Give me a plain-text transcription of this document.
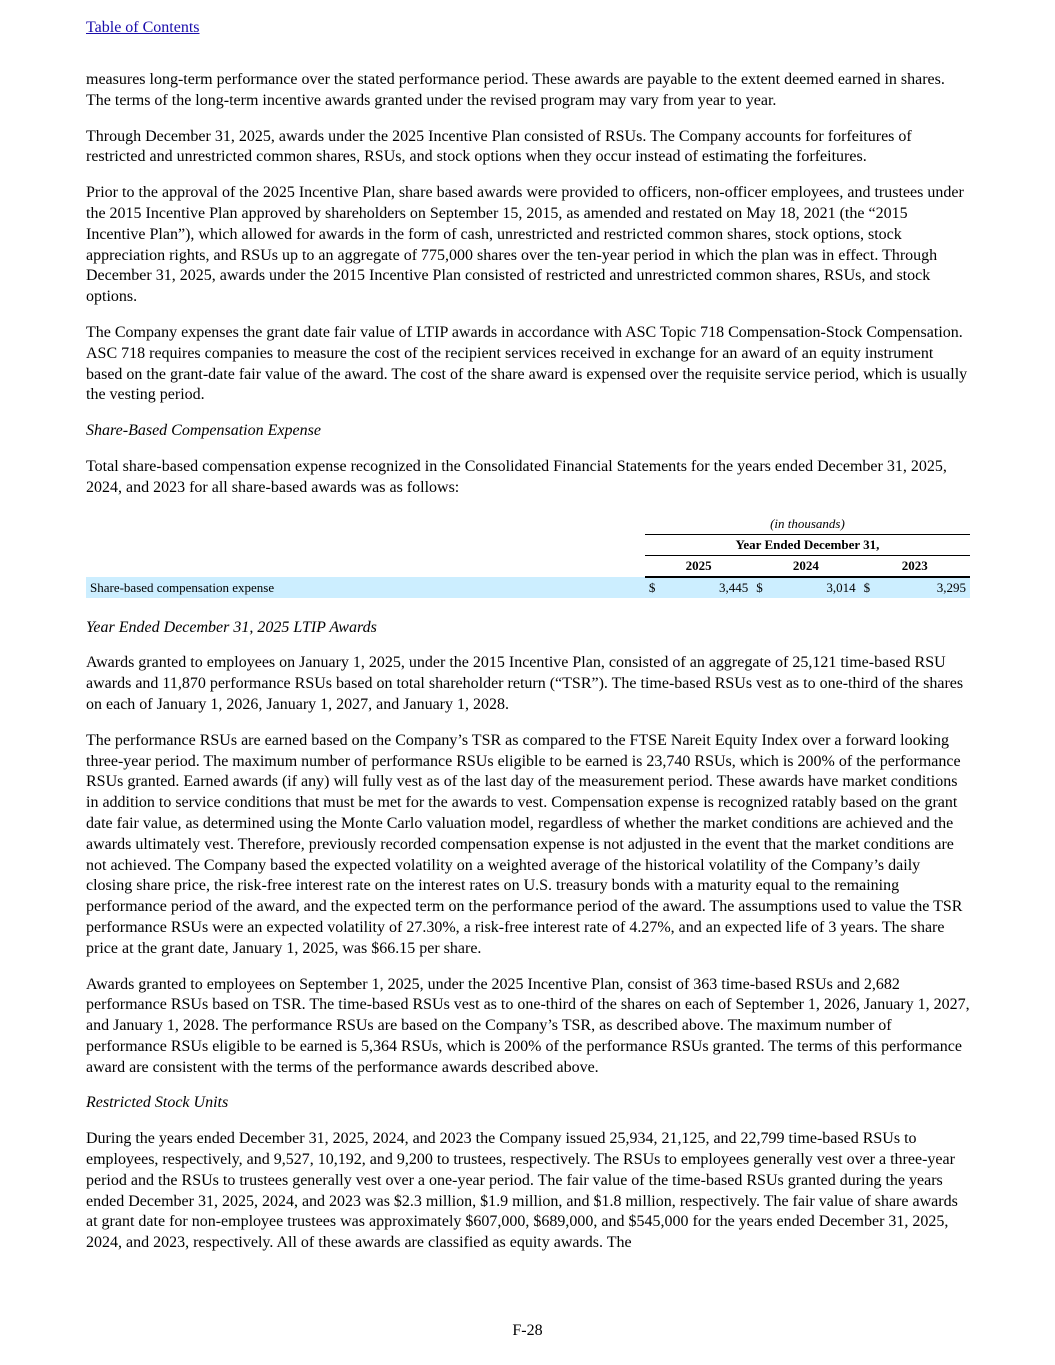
Table of Contents

measures long-term performance over the stated performance period. These awards are payable to the extent deemed earned in shares. The terms of the long-term incentive awards granted under the revised program may vary from year to year.

Through December 31, 2025, awards under the 2025 Incentive Plan consisted of RSUs. The Company accounts for forfeitures of restricted and unrestricted common shares, RSUs, and stock options when they occur instead of estimating the forfeitures.

Prior to the approval of the 2025 Incentive Plan, share based awards were provided to officers, non-officer employees, and trustees under the 2015 Incentive Plan approved by shareholders on September 15, 2015, as amended and restated on May 18, 2021 (the “2015 Incentive Plan”), which allowed for awards in the form of cash, unrestricted and restricted common shares, stock options, stock appreciation rights, and RSUs up to an aggregate of 775,000 shares over the ten-year period in which the plan was in effect. Through December 31, 2025, awards under the 2015 Incentive Plan consisted of restricted and unrestricted common shares, RSUs, and stock options.

The Company expenses the grant date fair value of LTIP awards in accordance with ASC Topic 718 Compensation-Stock Compensation. ASC 718 requires companies to measure the cost of the recipient services received in exchange for an award of an equity instrument based on the grant-date fair value of the award. The cost of the share award is expensed over the requisite service period, which is usually the vesting period.

Share-Based Compensation Expense

Total share-based compensation expense recognized in the Consolidated Financial Statements for the years ended December 31, 2025, 2024, and 2023 for all share-based awards was as follows:

	(in thousands)					
	Year Ended December 31,					
	2025		2024		2023	
Share-based compensation expense	$	3,445	$	3,014	$	3,295

Year Ended December 31, 2025 LTIP Awards

Awards granted to employees on January 1, 2025, under the 2015 Incentive Plan, consisted of an aggregate of 25,121 time-based RSU awards and 11,870 performance RSUs based on total shareholder return (“TSR”). The time-based RSUs vest as to one-third of the shares on each of January 1, 2026, January 1, 2027, and January 1, 2028.

The performance RSUs are earned based on the Company’s TSR as compared to the FTSE Nareit Equity Index over a forward looking three-year period. The maximum number of performance RSUs eligible to be earned is 23,740 RSUs, which is 200% of the performance RSUs granted. Earned awards (if any) will fully vest as of the last day of the measurement period. These awards have market conditions in addition to service conditions that must be met for the awards to vest. Compensation expense is recognized ratably based on the grant date fair value, as determined using the Monte Carlo valuation model, regardless of whether the market conditions are achieved and the awards ultimately vest. Therefore, previously recorded compensation expense is not adjusted in the event that the market conditions are not achieved. The Company based the expected volatility on a weighted average of the historical volatility of the Company’s daily closing share price, the risk-free interest rate on the interest rates on U.S. treasury bonds with a maturity equal to the remaining performance period of the award, and the expected term on the performance period of the award. The assumptions used to value the TSR performance RSUs were an expected volatility of 27.30%, a risk-free interest rate of 4.27%, and an expected life of 3 years. The share price at the grant date, January 1, 2025, was $66.15 per share.

Awards granted to employees on September 1, 2025, under the 2025 Incentive Plan, consist of 363 time-based RSUs and 2,682 performance RSUs based on TSR. The time-based RSUs vest as to one-third of the shares on each of September 1, 2026, January 1, 2027, and January 1, 2028. The performance RSUs are based on the Company’s TSR, as described above. The maximum number of performance RSUs eligible to be earned is 5,364 RSUs, which is 200% of the performance RSUs granted. The terms of this performance award are consistent with the terms of the performance awards described above.

Restricted Stock Units

During the years ended December 31, 2025, 2024, and 2023 the Company issued 25,934, 21,125, and 22,799 time-based RSUs to employees, respectively, and 9,527, 10,192, and 9,200 to trustees, respectively. The RSUs to employees generally vest over a three-year period and the RSUs to trustees generally vest over a one-year period. The fair value of the time-based RSUs granted during the years ended December 31, 2025, 2024, and 2023 was $2.3 million, $1.9 million, and $1.8 million, respectively. The fair value of share awards at grant date for non-employee trustees was approximately $607,000, $689,000, and $545,000 for the years ended December 31, 2025, 2024, and 2023, respectively. All of these awards are classified as equity awards. The

F-28
